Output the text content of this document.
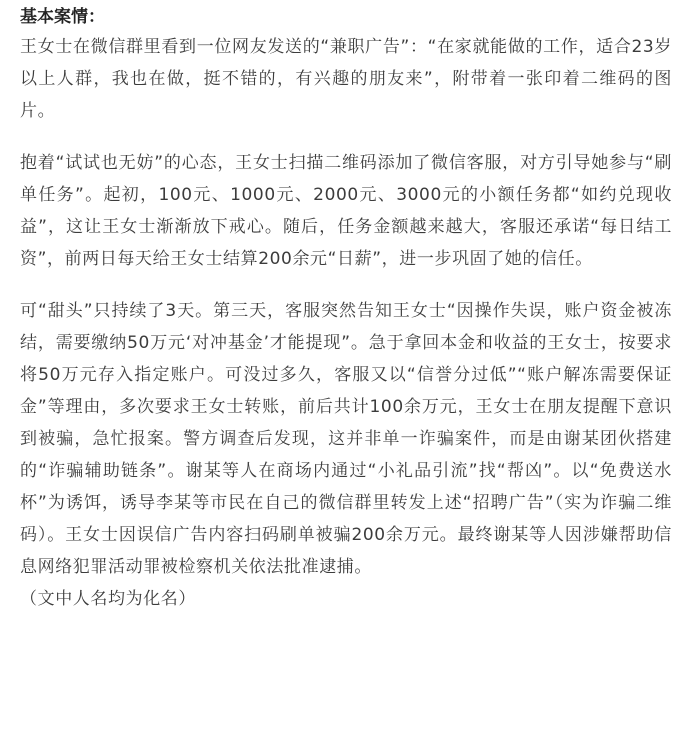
基本案情：

王女士在微信群里看到一位网友发送的“兼职广告”：“在家就能做的工作，适合23岁以上人群，我也在做，挺不错的，有兴趣的朋友来”，附带着一张印着二维码的图片。

抱着“试试也无妨”的心态，王女士扫描二维码添加了微信客服，对方引导她参与“刷单任务”。起初，100元、1000元、2000元、3000元的小额任务都“如约兑现收益”，这让王女士渐渐放下戒心。随后，任务金额越来越大，客服还承诺“每日结工资”，前两日每天给王女士结算200余元“日薪”，进一步巩固了她的信任。

可“甜头”只持续了3天。第三天，客服突然告知王女士“因操作失误，账户资金被冻结，需要缴纳50万元‘对冲基金’才能提现”。急于拿回本金和收益的王女士，按要求将50万元存入指定账户。可没过多久，客服又以“信誉分过低”“账户解冻需要保证金”等理由，多次要求王女士转账，前后共计100余万元，王女士在朋友提醒下意识到被骗，急忙报案。警方调查后发现，这并非单一诈骗案件，而是由谢某团伙搭建的“诈骗辅助链条”。谢某等人在商场内通过“小礼品引流”找“帮凶”。以“免费送水杯”为诱饵，诱导李某等市民在自己的微信群里转发上述“招聘广告”（实为诈骗二维码）。王女士因误信广告内容扫码刷单被骗200余万元。最终谢某等人因涉嫌帮助信息网络犯罪活动罪被检察机关依法批准逮捕。

（文中人名均为化名）
